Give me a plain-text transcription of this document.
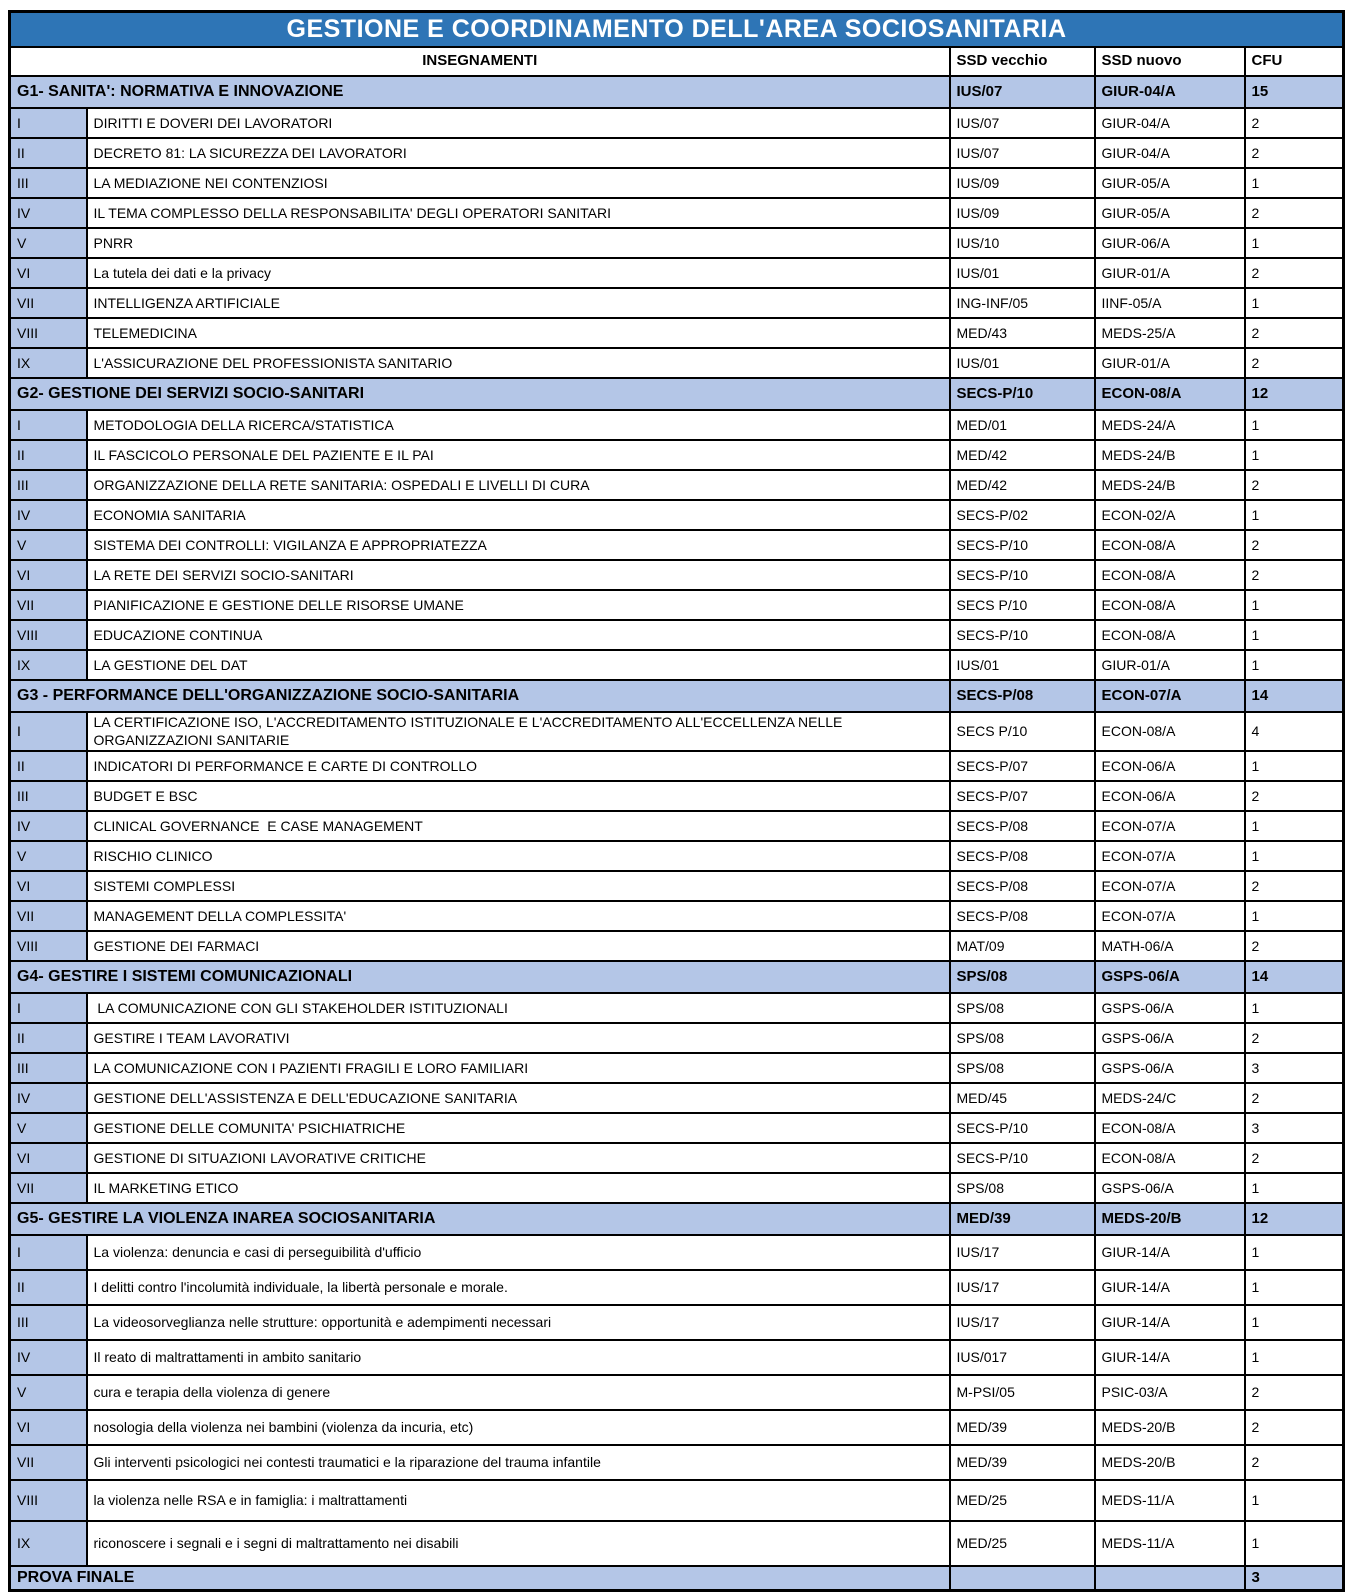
GESTIONE E COORDINAMENTO DELL'AREA SOCIOSANITARIA				
INSEGNAMENTI		SSD vecchio	SSD nuovo	CFU
G1- SANITA': NORMATIVA E INNOVAZIONE		IUS/07	GIUR-04/A	15
I	DIRITTI E DOVERI DEI LAVORATORI	IUS/07	GIUR-04/A	2
II	DECRETO 81: LA SICUREZZA DEI LAVORATORI	IUS/07	GIUR-04/A	2
III	LA MEDIAZIONE NEI CONTENZIOSI	IUS/09	GIUR-05/A	1
IV	IL TEMA COMPLESSO DELLA RESPONSABILITA' DEGLI OPERATORI SANITARI	IUS/09	GIUR-05/A	2
V	PNRR	IUS/10	GIUR-06/A	1
VI	La tutela dei dati e la privacy	IUS/01	GIUR-01/A	2
VII	INTELLIGENZA ARTIFICIALE	ING-INF/05	IINF-05/A	1
VIII	TELEMEDICINA	MED/43	MEDS-25/A	2
IX	L'ASSICURAZIONE DEL PROFESSIONISTA SANITARIO	IUS/01	GIUR-01/A	2
G2- GESTIONE DEI SERVIZI SOCIO-SANITARI		SECS-P/10	ECON-08/A	12
I	METODOLOGIA DELLA RICERCA/STATISTICA	MED/01	MEDS-24/A	1
II	IL FASCICOLO PERSONALE DEL PAZIENTE E IL PAI	MED/42	MEDS-24/B	1
III	ORGANIZZAZIONE DELLA RETE SANITARIA: OSPEDALI E LIVELLI DI CURA	MED/42	MEDS-24/B	2
IV	ECONOMIA SANITARIA	SECS-P/02	ECON-02/A	1
V	SISTEMA DEI CONTROLLI: VIGILANZA E APPROPRIATEZZA	SECS-P/10	ECON-08/A	2
VI	LA RETE DEI SERVIZI SOCIO-SANITARI	SECS-P/10	ECON-08/A	2
VII	PIANIFICAZIONE E GESTIONE DELLE RISORSE UMANE	SECS P/10	ECON-08/A	1
VIII	EDUCAZIONE CONTINUA	SECS-P/10	ECON-08/A	1
IX	LA GESTIONE DEL DAT	IUS/01	GIUR-01/A	1
G3 - PERFORMANCE DELL'ORGANIZZAZIONE SOCIO-SANITARIA		SECS-P/08	ECON-07/A	14
I	LA CERTIFICAZIONE ISO, L'ACCREDITAMENTO ISTITUZIONALE E L'ACCREDITAMENTO ALL'ECCELLENZA NELLE ORGANIZZAZIONI SANITARIE	SECS P/10	ECON-08/A	4
II	INDICATORI DI PERFORMANCE E CARTE DI CONTROLLO	SECS-P/07	ECON-06/A	1
III	BUDGET E BSC	SECS-P/07	ECON-06/A	2
IV	CLINICAL GOVERNANCE  E CASE MANAGEMENT	SECS-P/08	ECON-07/A	1
V	RISCHIO CLINICO	SECS-P/08	ECON-07/A	1
VI	SISTEMI COMPLESSI	SECS-P/08	ECON-07/A	2
VII	MANAGEMENT DELLA COMPLESSITA'	SECS-P/08	ECON-07/A	1
VIII	GESTIONE DEI FARMACI	MAT/09	MATH-06/A	2
G4- GESTIRE I SISTEMI COMUNICAZIONALI		SPS/08	GSPS-06/A	14
I	LA COMUNICAZIONE CON GLI STAKEHOLDER ISTITUZIONALI	SPS/08	GSPS-06/A	1
II	GESTIRE I TEAM LAVORATIVI	SPS/08	GSPS-06/A	2
III	LA COMUNICAZIONE CON I PAZIENTI FRAGILI E LORO FAMILIARI	SPS/08	GSPS-06/A	3
IV	GESTIONE DELL'ASSISTENZA E DELL'EDUCAZIONE SANITARIA	MED/45	MEDS-24/C	2
V	GESTIONE DELLE COMUNITA' PSICHIATRICHE	SECS-P/10	ECON-08/A	3
VI	GESTIONE DI SITUAZIONI LAVORATIVE CRITICHE	SECS-P/10	ECON-08/A	2
VII	IL MARKETING ETICO	SPS/08	GSPS-06/A	1
G5- GESTIRE LA VIOLENZA INAREA SOCIOSANITARIA		MED/39	MEDS-20/B	12
I	La violenza: denuncia e casi di perseguibilità d'ufficio	IUS/17	GIUR-14/A	1
II	I delitti contro l'incolumità individuale, la libertà personale e morale.	IUS/17	GIUR-14/A	1
III	La videosorveglianza nelle strutture: opportunità e adempimenti necessari	IUS/17	GIUR-14/A	1
IV	Il reato di maltrattamenti in ambito sanitario	IUS/017	GIUR-14/A	1
V	cura e terapia della violenza di genere	M-PSI/05	PSIC-03/A	2
VI	nosologia della violenza nei bambini (violenza da incuria, etc)	MED/39	MEDS-20/B	2
VII	Gli interventi psicologici nei contesti traumatici e la riparazione del trauma infantile	MED/39	MEDS-20/B	2
VIII	la violenza nelle RSA e in famiglia: i maltrattamenti	MED/25	MEDS-11/A	1
IX	riconoscere i segnali e i segni di maltrattamento nei disabili	MED/25	MEDS-11/A	1
PROVA FINALE				3
